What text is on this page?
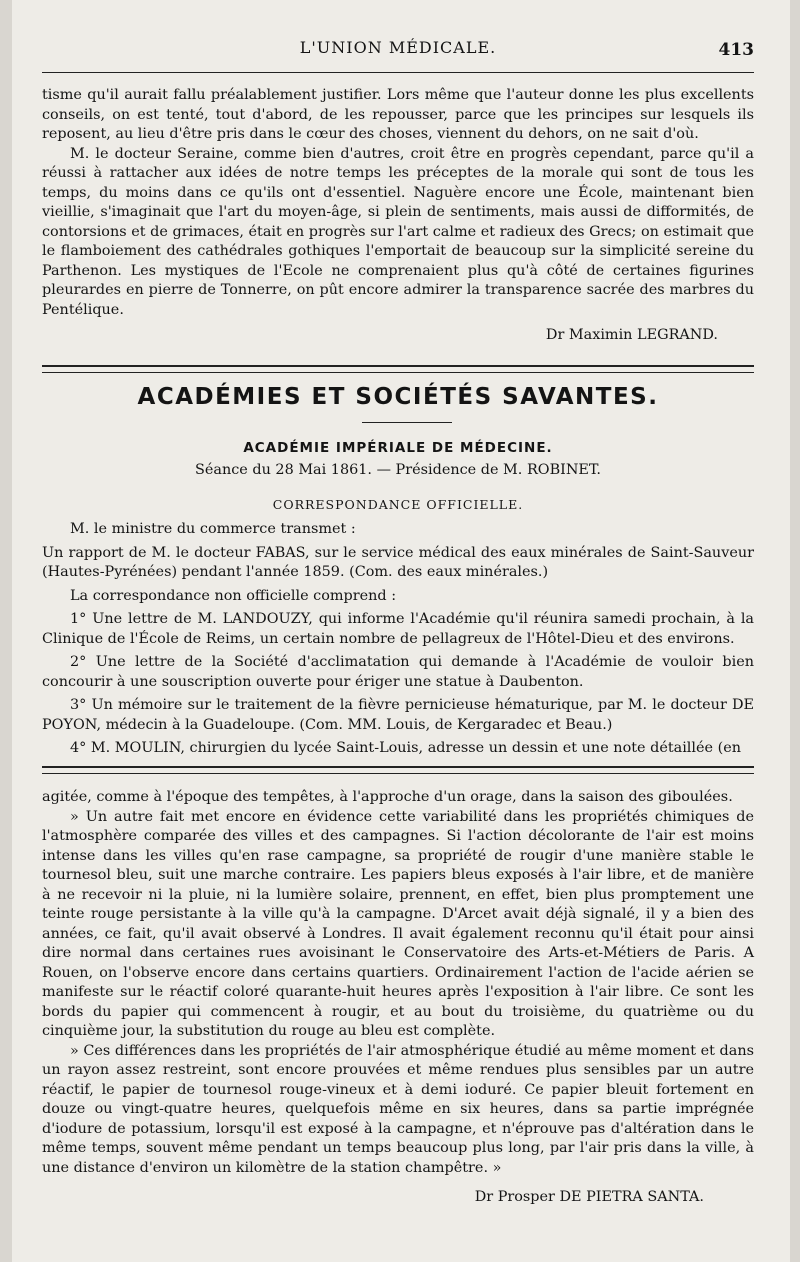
L'UNION MÉDICALE.	413

tisme qu'il aurait fallu préalablement justifier. Lors même que l'auteur donne les plus excellents conseils, on est tenté, tout d'abord, de les repousser, parce que les principes sur lesquels ils reposent, au lieu d'être pris dans le cœur des choses, viennent du dehors, on ne sait d'où.

M. le docteur Seraine, comme bien d'autres, croit être en progrès cependant, parce qu'il a réussi à rattacher aux idées de notre temps les préceptes de la morale qui sont de tous les temps, du moins dans ce qu'ils ont d'essentiel. Naguère encore une École, maintenant bien vieillie, s'imaginait que l'art du moyen-âge, si plein de sentiments, mais aussi de difformités, de contorsions et de grimaces, était en progrès sur l'art calme et radieux des Grecs; on estimait que le flamboiement des cathédrales gothiques l'emportait de beaucoup sur la simplicité sereine du Parthenon. Les mystiques de l'Ecole ne comprenaient plus qu'à côté de certaines figurines pleurardes en pierre de Tonnerre, on pût encore admirer la transparence sacrée des marbres du Pentélique.

Dr Maximin LEGRAND.
ACADÉMIES ET SOCIÉTÉS SAVANTES.
ACADÉMIE IMPÉRIALE DE MÉDECINE.
Séance du 28 Mai 1861. — Présidence de M. ROBINET.
CORRESPONDANCE OFFICIELLE.

M. le ministre du commerce transmet :

Un rapport de M. le docteur FABAS, sur le service médical des eaux minérales de Saint-Sauveur (Hautes-Pyrénées) pendant l'année 1859. (Com. des eaux minérales.)

La correspondance non officielle comprend :

1° Une lettre de M. LANDOUZY, qui informe l'Académie qu'il réunira samedi prochain, à la Clinique de l'École de Reims, un certain nombre de pellagreux de l'Hôtel-Dieu et des environs.

2° Une lettre de la Société d'acclimatation qui demande à l'Académie de vouloir bien concourir à une souscription ouverte pour ériger une statue à Daubenton.

3° Un mémoire sur le traitement de la fièvre pernicieuse hématurique, par M. le docteur DE POYON, médecin à la Guadeloupe. (Com. MM. Louis, de Kergaradec et Beau.)

4° M. MOULIN, chirurgien du lycée Saint-Louis, adresse un dessin et une note détaillée (en

agitée, comme à l'époque des tempêtes, à l'approche d'un orage, dans la saison des giboulées.

» Un autre fait met encore en évidence cette variabilité dans les propriétés chimiques de l'atmosphère comparée des villes et des campagnes. Si l'action décolorante de l'air est moins intense dans les villes qu'en rase campagne, sa propriété de rougir d'une manière stable le tournesol bleu, suit une marche contraire. Les papiers bleus exposés à l'air libre, et de manière à ne recevoir ni la pluie, ni la lumière solaire, prennent, en effet, bien plus promptement une teinte rouge persistante à la ville qu'à la campagne. D'Arcet avait déjà signalé, il y a bien des années, ce fait, qu'il avait observé à Londres. Il avait également reconnu qu'il était pour ainsi dire normal dans certaines rues avoisinant le Conservatoire des Arts-et-Métiers de Paris. A Rouen, on l'observe encore dans certains quartiers. Ordinairement l'action de l'acide aérien se manifeste sur le réactif coloré quarante-huit heures après l'exposition à l'air libre. Ce sont les bords du papier qui commencent à rougir, et au bout du troisième, du quatrième ou du cinquième jour, la substitution du rouge au bleu est complète.

» Ces différences dans les propriétés de l'air atmosphérique étudié au même moment et dans un rayon assez restreint, sont encore prouvées et même rendues plus sensibles par un autre réactif, le papier de tournesol rouge-vineux et à demi ioduré. Ce papier bleuit fortement en douze ou vingt-quatre heures, quelquefois même en six heures, dans sa partie imprégnée d'iodure de potassium, lorsqu'il est exposé à la campagne, et n'éprouve pas d'altération dans le même temps, souvent même pendant un temps beaucoup plus long, par l'air pris dans la ville, à une distance d'environ un kilomètre de la station champêtre. »

Dr Prosper DE PIETRA SANTA.
